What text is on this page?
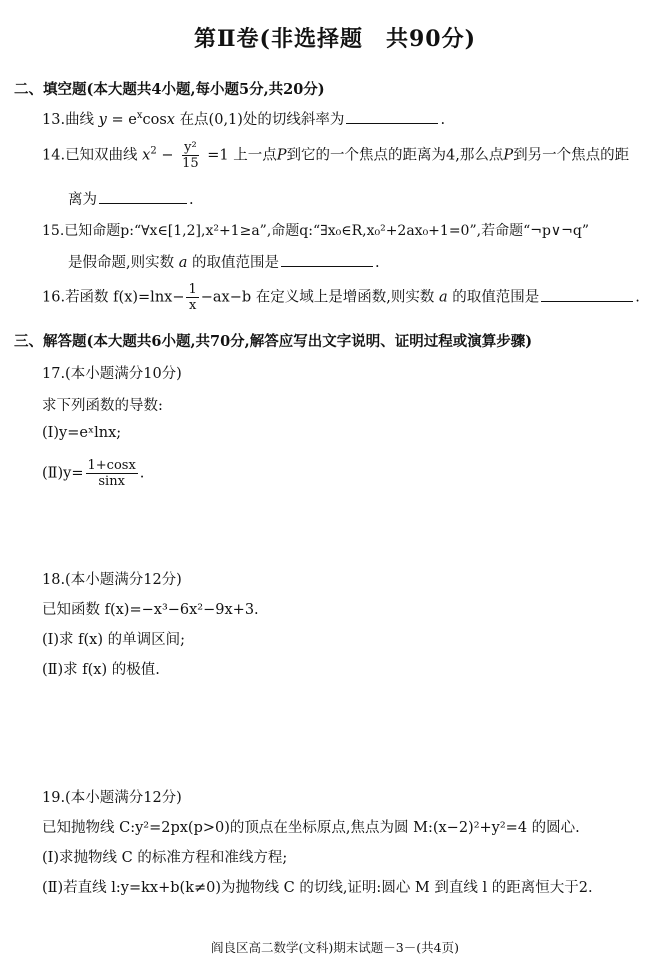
第Ⅱ卷(非选择题　共90分)
二、填空题(本大题共4小题,每小题5分,共20分)
13.曲线 $y = e^x\cos x$ 在点(0,1)处的切线斜率为	.
14.已知双曲线 $x^2 - \frac{\text{y²}}{15} =1$ 上一点P到它的一个焦点的距离为4,那么点P到另一个焦点的距
离为	.
15.已知命题p:“∀x∈[1,2],x²+1≥a”,命题q:“∃x₀∈R,x₀²+2ax₀+1=0”,若命题“¬p∨¬q”
是假命题,则实数 a 的取值范围是	.
16.若函数 $f(x)=\ln x- \frac{1}{x} -ax-b$ 在定义域上是增函数,则实数 a 的取值范围是	.
三、解答题(本大题共6小题,共70分,解答应写出文字说明、证明过程或演算步骤)
17.(本小题满分10分)
求下列函数的导数:
(Ⅰ)y=eˣlnx;
(Ⅱ)y= $\frac{1+\cos x}{\sin x}$ .
18.(本小题满分12分)
已知函数 f(x)=−x³−6x²−9x+3.
(Ⅰ)求 f(x) 的单调区间;
(Ⅱ)求 f(x) 的极值.
19.(本小题满分12分)
已知抛物线 C:y²=2px(p>0)的顶点在坐标原点,焦点为圆 M:(x−2)²+y²=4 的圆心.
(Ⅰ)求抛物线 C 的标准方程和准线方程;
(Ⅱ)若直线 l:y=kx+b(k≠0)为抛物线 C 的切线,证明:圆心 M 到直线 l 的距离恒大于2.
阎良区高二数学(文科)期末试题－3－(共4页)
